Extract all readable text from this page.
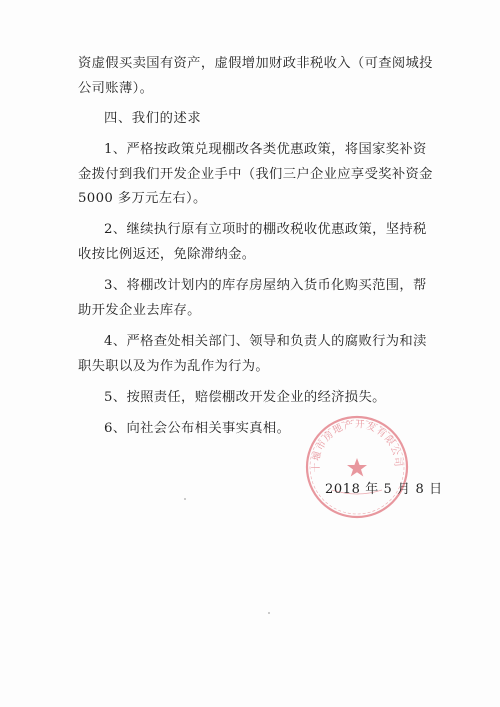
资虚假买卖国有资产，虚假增加财政非税收入（可查阅城投
公司账薄）。
四、我们的述求
1、严格按政策兑现棚改各类优惠政策，将国家奖补资
金拨付到我们开发企业手中（我们三户企业应享受奖补资金
5000 多万元左右）。
2、继续执行原有立项时的棚改税收优惠政策，坚持税
收按比例返还，免除滞纳金。
3、将棚改计划内的库存房屋纳入货币化购买范围，帮
助开发企业去库存。
4、严格查处相关部门、领导和负责人的腐败行为和渎
职失职以及为作为乱作为行为。
5、按照责任，赔偿棚改开发企业的经济损失。
6、向社会公布相关事实真相。
十堰市房地产开发有限公司
2018 年 5 月 8 日
